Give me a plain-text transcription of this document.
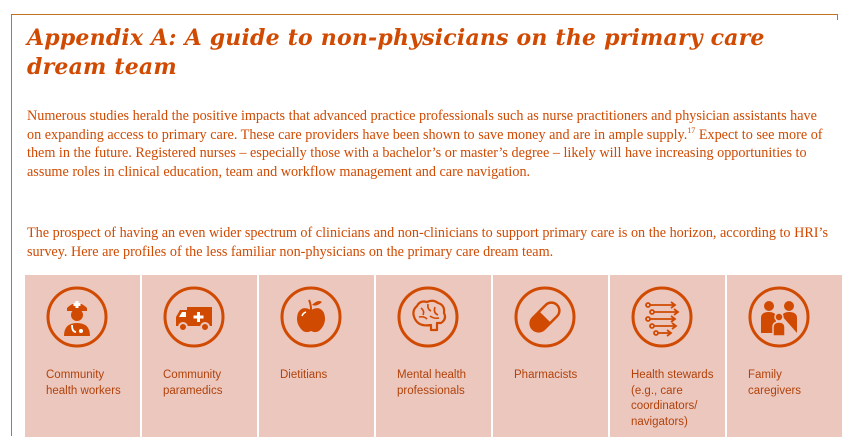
Appendix A: A guide to non-physicians on the primary care dream team

Numerous studies herald the positive impacts that advanced practice professionals such as nurse practitioners and physician assistants have on expanding access to primary care. These care providers have been shown to save money and are in ample supply.$^{17}$ Expect to see more of them in the future. Registered nurses – especially those with a bachelor’s or master’s degree – likely will have increasing opportunities to assume roles in clinical education, team and workflow management and care navigation.

The prospect of having an even wider spectrum of clinicians and non-clinicians to support primary care is on the horizon, according to HRI’s survey. Here are profiles of the less familiar non-physicians on the primary care dream team.

Community health workers
Community paramedics
Dietitians	Mental health professionals
Pharmacists	Health stewards (e.g., care coordinators/ navigators)
Family caregivers
